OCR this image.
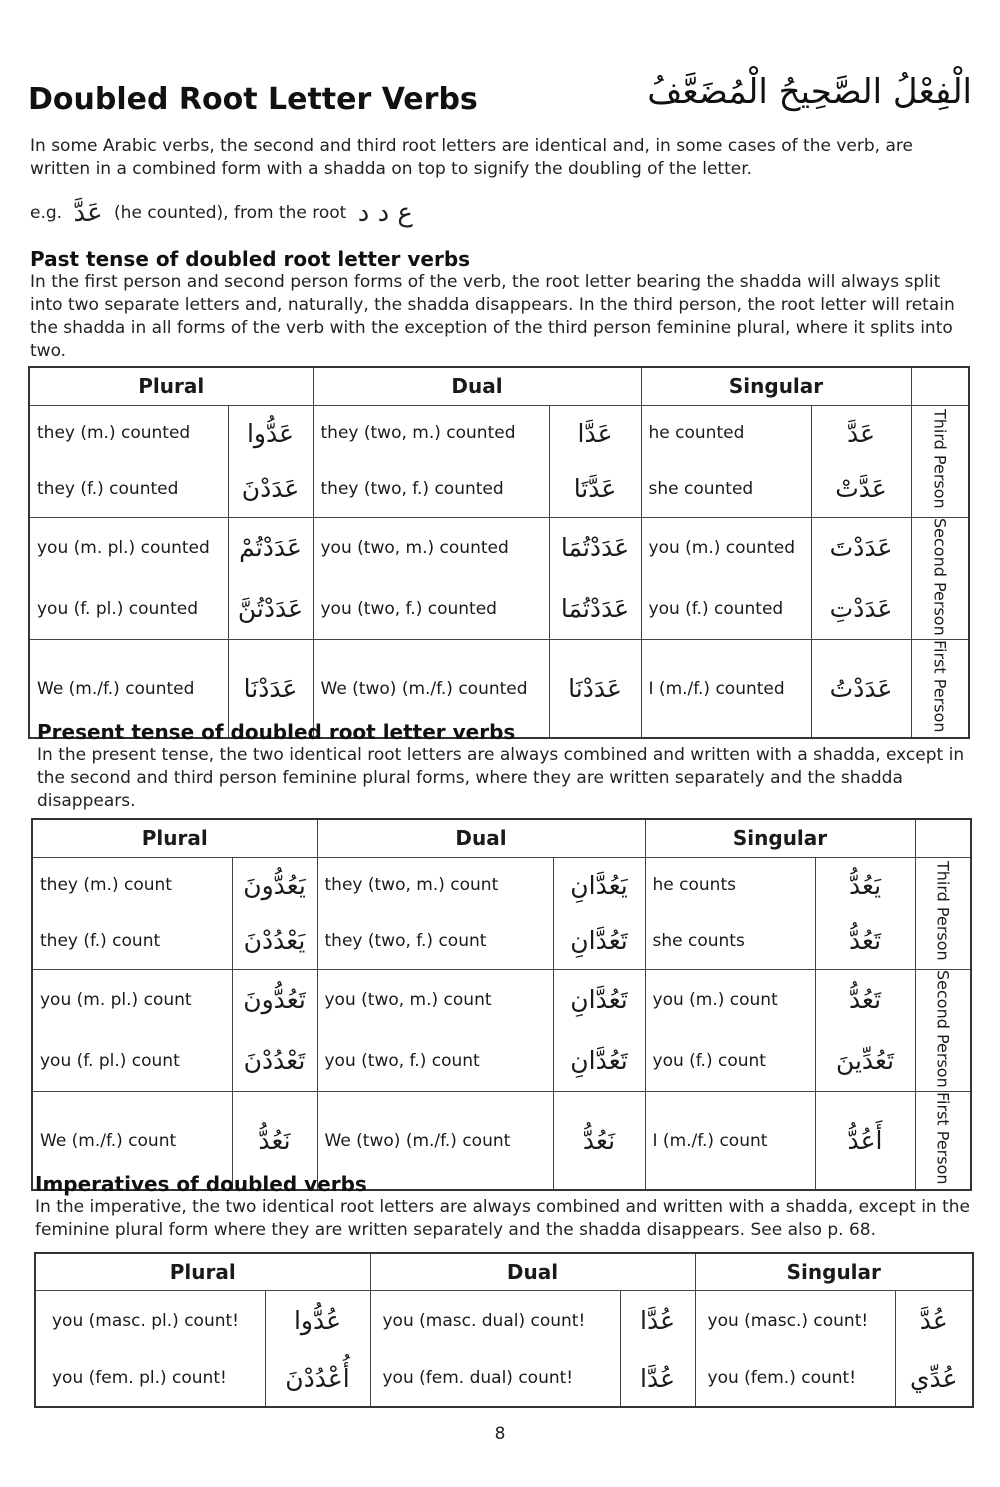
Doubled Root Letter Verbs	الْفِعْلُ الصَّحِيحُ الْمُضَعَّفُ
In some Arabic verbs, the second and third root letters are identical and, in some cases of the verb, are written in a combined form with a shadda on top to signify the doubling of the letter.
e.g. عَدَّ (he counted), from the root ع د د
Past tense of doubled root letter verbs
In the first person and second person forms of the verb, the root letter bearing the shadda will always split into two separate letters and, naturally, the shadda disappears. In the third person, the root letter will retain the shadda in all forms of the verb with the exception of the third person feminine plural, where it splits into two.
Plural		Dual		Singular		
they (m.) counted	عَدُّوا	they (two, m.) counted	عَدَّا	he counted	عَدَّ	Third Person
they (f.) counted	عَدَدْنَ	they (two, f.) counted	عَدَّتَا	she counted	عَدَّتْ	
you (m. pl.) counted	عَدَدْتُمْ	you (two, m.) counted	عَدَدْتُمَا	you (m.) counted	عَدَدْتَ	Second Person
you (f. pl.) counted	عَدَدْتُنَّ	you (two, f.) counted	عَدَدْتُمَا	you (f.) counted	عَدَدْتِ	
We (m./f.) counted	عَدَدْنَا	We (two) (m./f.) counted	عَدَدْنَا	I (m./f.) counted	عَدَدْتُ	First Person
Present tense of doubled root letter verbs
In the present tense, the two identical root letters are always combined and written with a shadda, except in the second and third person feminine plural forms, where they are written separately and the shadda disappears.
Plural		Dual		Singular		
they (m.) count	يَعُدُّونَ	they (two, m.) count	يَعُدَّانِ	he counts	يَعُدُّ	Third Person
they (f.) count	يَعْدُدْنَ	they (two, f.) count	تَعُدَّانِ	she counts	تَعُدُّ	
you (m. pl.) count	تَعُدُّونَ	you (two, m.) count	تَعُدَّانِ	you (m.) count	تَعُدُّ	Second Person
you (f. pl.) count	تَعْدُدْنَ	you (two, f.) count	تَعُدَّانِ	you (f.) count	تَعُدِّينَ	
We (m./f.) count	نَعُدُّ	We (two) (m./f.) count	نَعُدُّ	I (m./f.) count	أَعُدُّ	First Person
Imperatives of doubled verbs
In the imperative, the two identical root letters are always combined and written with a shadda, except in the feminine plural form where they are written separately and the shadda disappears. See also p. 68.
Plural		Dual		Singular	
you (masc. pl.) count!	عُدُّوا	you (masc. dual) count!	عُدَّا	you (masc.) count!	عُدَّ
you (fem. pl.) count!	أُعْدُدْنَ	you (fem. dual) count!	عُدَّا	you (fem.) count!	عُدِّي
8
